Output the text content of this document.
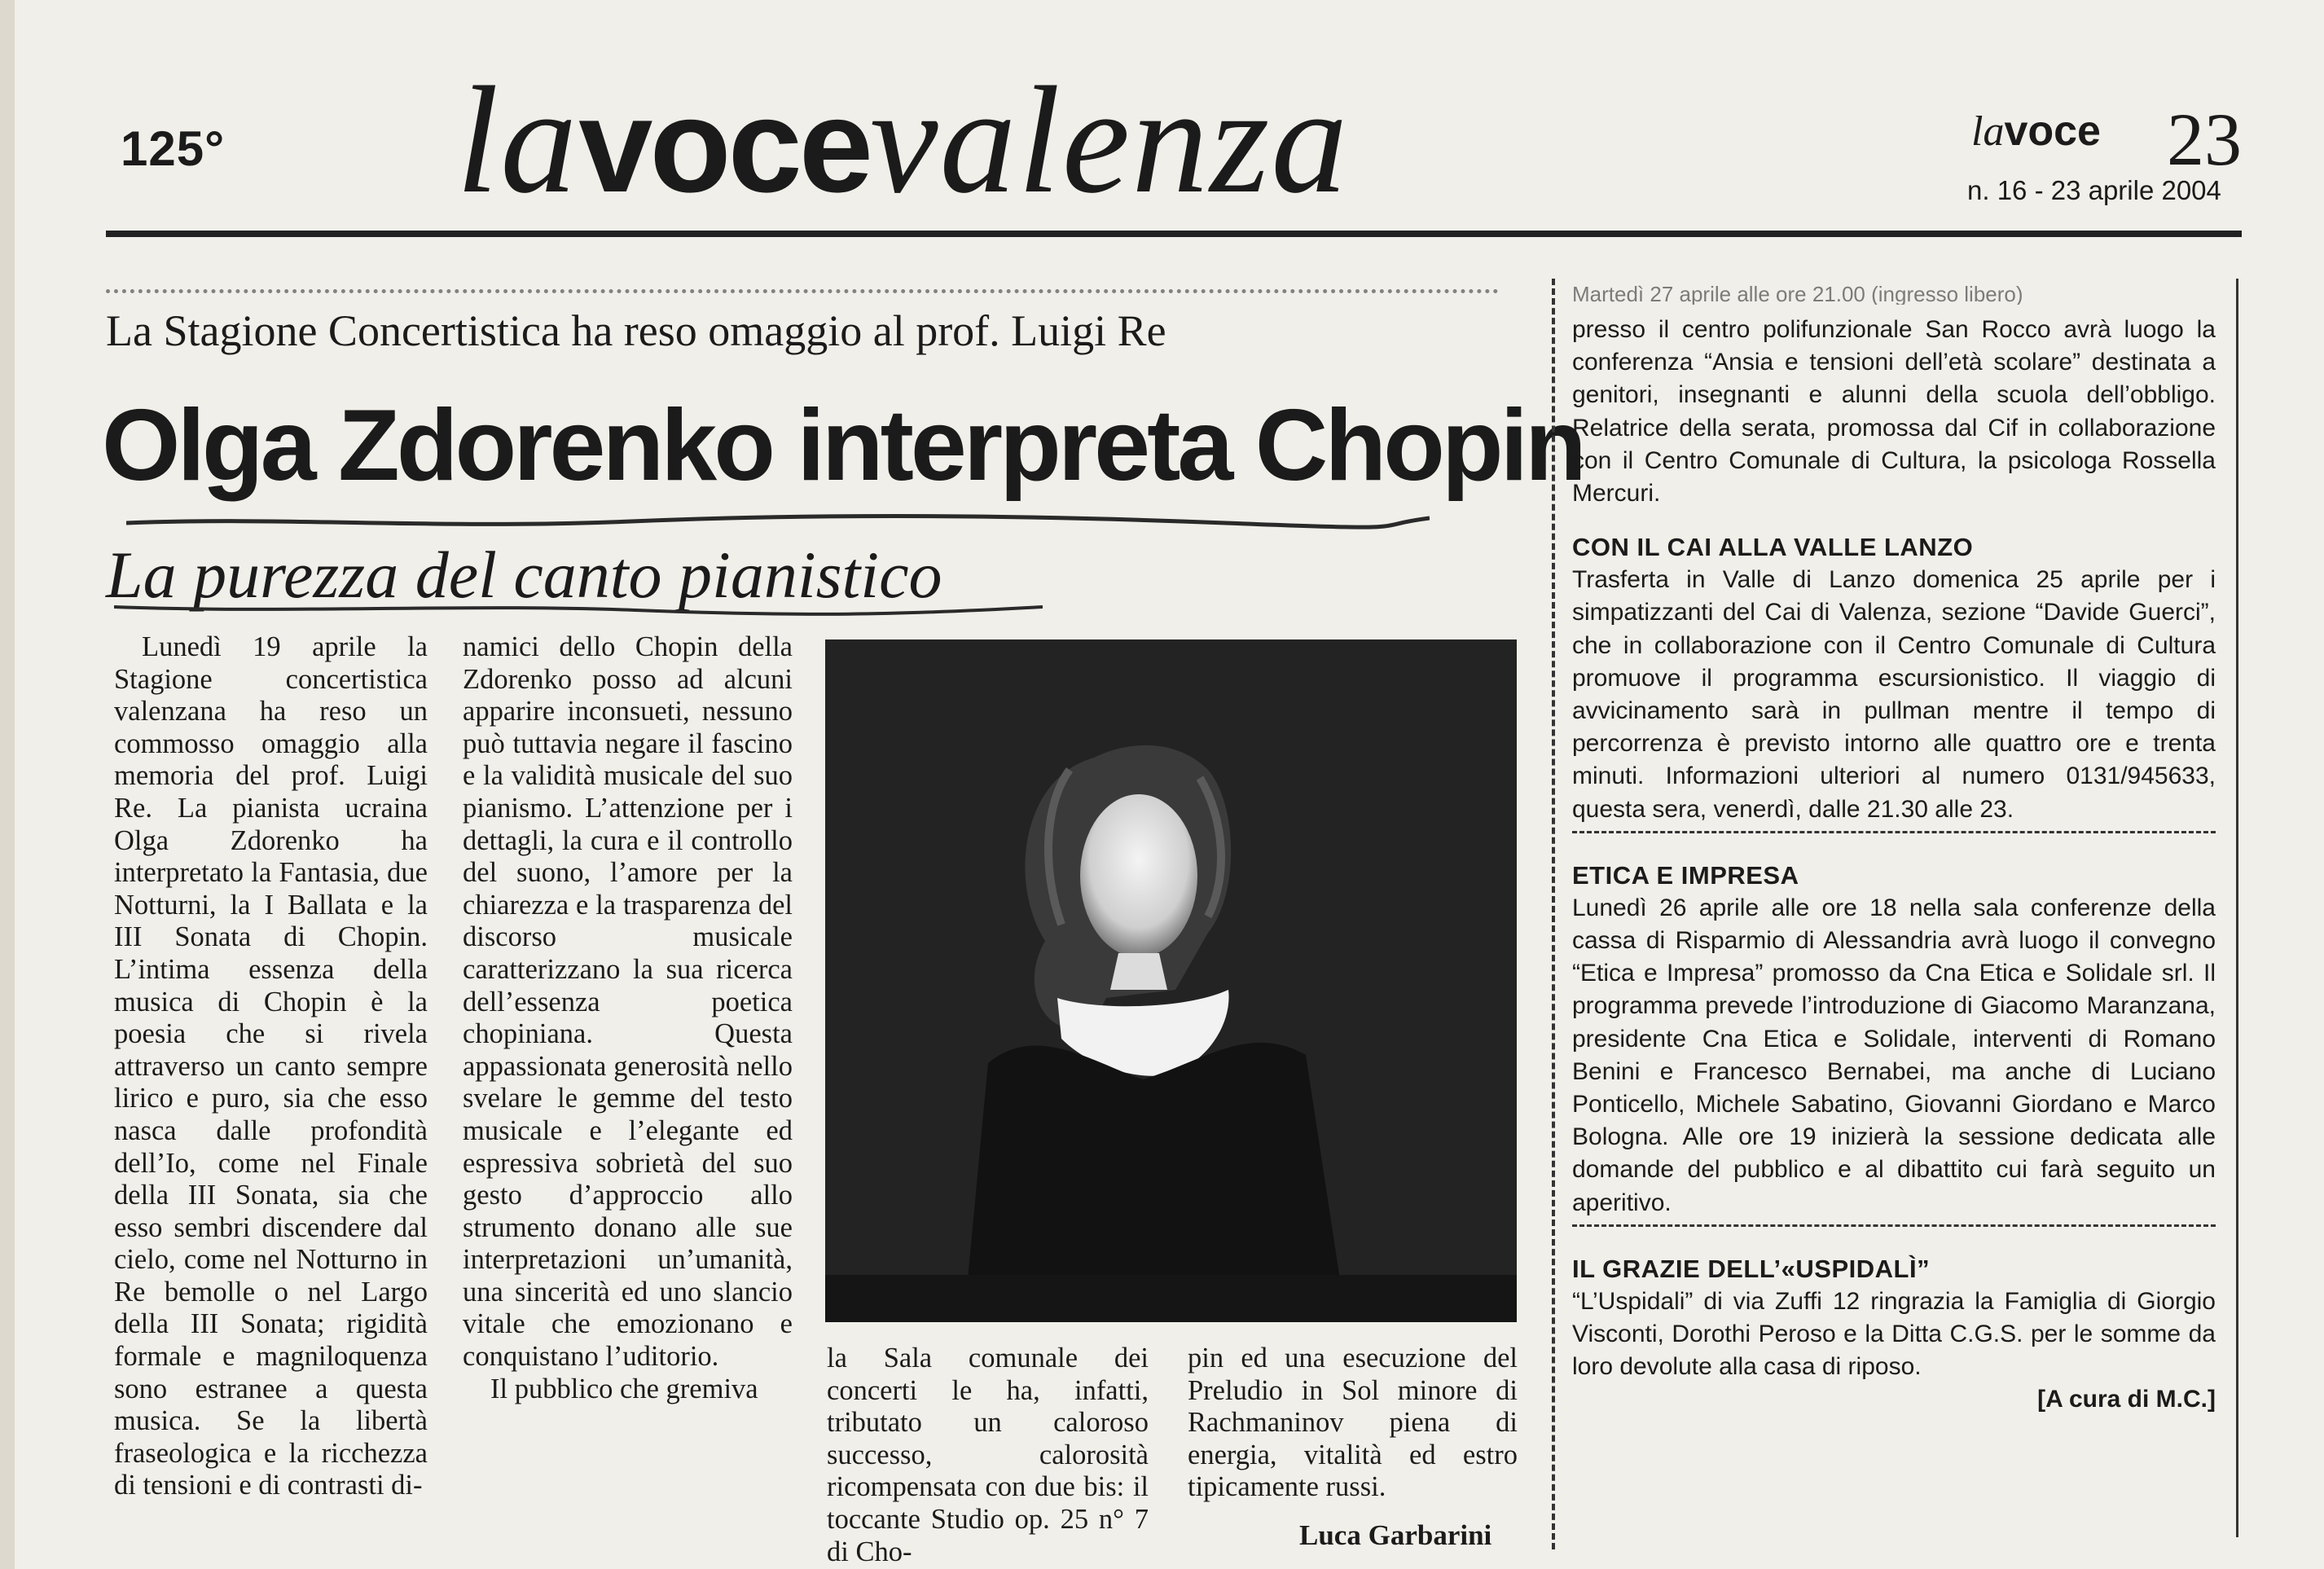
125° lavocevalenza	lavoce 23
n. 16 - 23 aprile 2004
La Stagione Concertistica ha reso omaggio al prof. Luigi Re
Olga Zdorenko interpreta Chopin
La purezza del canto pianistico

Lunedì 19 aprile la Stagione concertistica valenzana ha reso un commosso omaggio alla memoria del prof. Luigi Re. La pianista ucraina Olga Zdorenko ha interpretato la Fantasia, due Notturni, la I Ballata e la III Sonata di Chopin. L’intima essenza della musica di Chopin è la poesia che si rivela attraverso un canto sempre lirico e puro, sia che esso nasca dalle profondità dell’Io, come nel Finale della III Sonata, sia che esso sembri discendere dal cielo, come nel Notturno in Re bemolle o nel Largo della III Sonata; rigidità formale e magniloquenza sono estranee a questa musica. Se la libertà fraseologica e la ricchezza di tensioni e di contrasti di-

namici dello Chopin della Zdorenko posso ad alcuni apparire inconsueti, nessuno può tuttavia negare il fascino e la validità musicale del suo pianismo. L’attenzione per i dettagli, la cura e il controllo del suono, l’amore per la chiarezza e la trasparenza del discorso musicale caratterizzano la sua ricerca dell’essenza poetica chopiniana. Questa appassionata generosità nello svelare le gemme del testo musicale e l’elegante ed espressiva sobrietà del suo gesto d’approccio allo strumento donano alle sue interpretazioni un’umanità, una sincerità ed uno slancio vitale che emozionano e conquistano l’uditorio.

Il pubblico che gremiva

la Sala comunale dei concerti le ha, infatti, tributato un caloroso successo, calorosità ricompensata con due bis: il toccante Studio op. 25 n° 7 di Cho-

pin ed una esecuzione del Preludio in Sol minore di Rachmaninov piena di energia, vitalità ed estro tipicamente russi.

Luca Garbarini
Martedì 27 aprile alle ore 21.00 (ingresso libero)
presso il centro polifunzionale San Rocco avrà luogo la conferenza “Ansia e tensioni dell’età scolare” destinata a genitori, insegnanti e alunni della scuola dell’obbligo. Relatrice della serata, promossa dal Cif in collaborazione con il Centro Comunale di Cultura, la psicologa Rossella Mercuri.
CON IL CAI ALLA VALLE LANZO
Trasferta in Valle di Lanzo domenica 25 aprile per i simpatizzanti del Cai di Valenza, sezione “Davide Guerci”, che in collaborazione con il Centro Comunale di Cultura promuove il programma escursionistico. Il viaggio di avvicinamento sarà in pullman mentre il tempo di percorrenza è previsto intorno alle quattro ore e trenta minuti. Informazioni ulteriori al numero 0131/945633, questa sera, venerdì, dalle 21.30 alle 23.
ETICA E IMPRESA
Lunedì 26 aprile alle ore 18 nella sala conferenze della cassa di Risparmio di Alessandria avrà luogo il convegno “Etica e Impresa” promosso da Cna Etica e Solidale srl. Il programma prevede l’introduzione di Giacomo Maranzana, presidente Cna Etica e Solidale, interventi di Romano Benini e Francesco Bernabei, ma anche di Luciano Ponticello, Michele Sabatino, Giovanni Giordano e Marco Bologna. Alle ore 19 inizierà la sessione dedicata alle domande del pubblico e al dibattito cui farà seguito un aperitivo.
IL GRAZIE DELL’«USPIDALÌ”
“L’Uspidali” di via Zuffi 12 ringrazia la Famiglia di Giorgio Visconti, Dorothi Peroso e la Ditta C.G.S. per le somme da loro devolute alla casa di riposo.
[A cura di M.C.]
